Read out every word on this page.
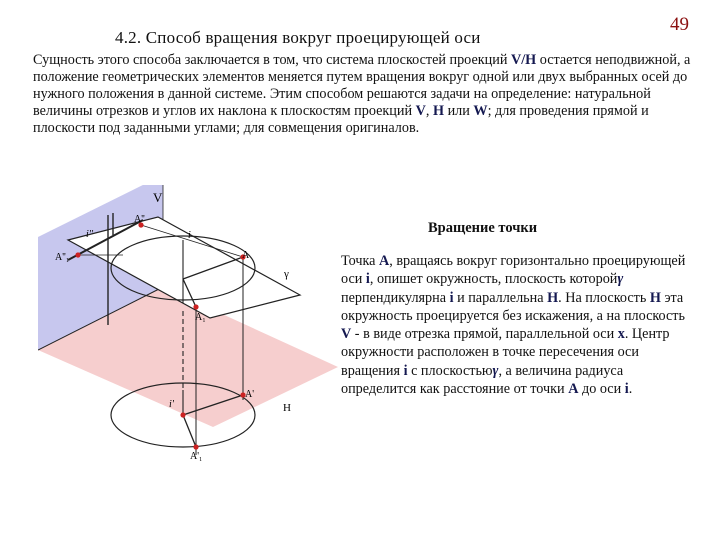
4.2. Способ вращения вокруг проецирующей оси
49

Сущность этого способа заключается в том, что система плоскостей проекций V/H остается неподвижной, а положение геометрических элементов меняется путем вращения вокруг одной или двух выбранных осей до нужного положения в данной системе. Этим способом решаются задачи на определение: натуральной величины отрезков и углов их наклона к плоскостям проекций V, H или W; для проведения прямой и плоскости под заданными углами; для совмещения оригиналов.

V
i''
A''
i
A''₁	A
γ
A₁
A'
i'	H
A'₁
Вращение точки

Точка A, вращаясь вокруг горизонтально проецирующей оси i, опишет окружность, плоскость которойγ перпендикулярна i и параллельна H. На плоскость H эта окружность проецируется без искажения, а на плоскость V - в виде отрезка прямой, параллельной оси x. Центр окружности расположен в точке пересечения оси вращения i с плоскостьюγ, а величина радиуса определится как расстояние от точки A до оси i.
